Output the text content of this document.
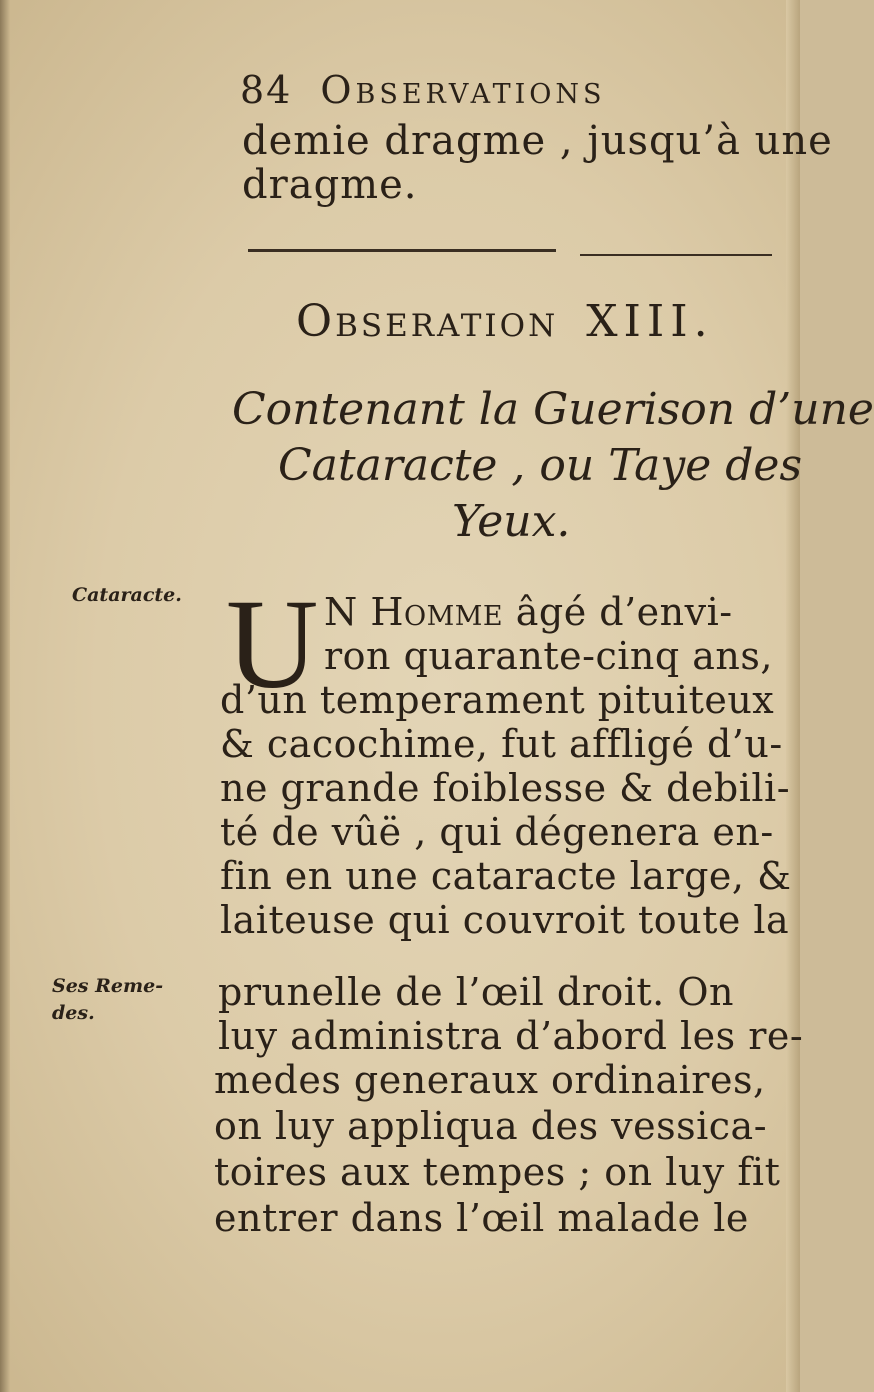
84 Observations
demie dragme , jusqu’à une
dragme.
Obseration XIII.
Contenant la Guerison d’une
Cataracte , ou Taye des
Yeux.
Cataracte.
Ses Reme-
des.
U N Homme âgé d’envi-
ron quarante-cinq ans,
d’un temperament pituiteux
& cacochime, fut affligé d’u-
ne grande foiblesse & debili-
té de vûë , qui dégenera en-
fin en une cataracte large, &
laiteuse qui couvroit toute la
prunelle de l’œil droit. On
luy administra d’abord les re-
medes generaux ordinaires,
on luy appliqua des vessica-
toires aux tempes ; on luy fit
entrer dans l’œil malade le
